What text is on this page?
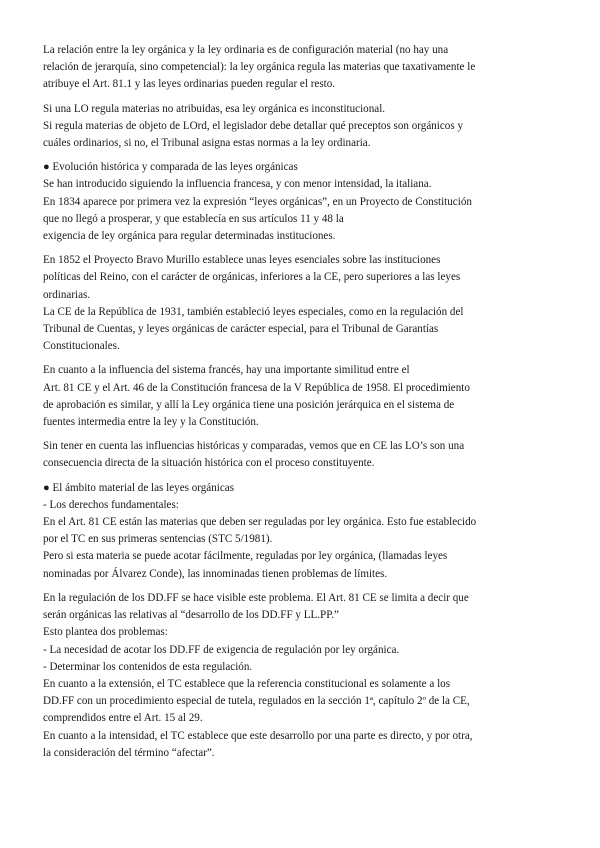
La relación entre la ley orgánica y la ley ordinaria es de configuración material (no hay una
relación de jerarquía, sino competencial): la ley orgánica regula las materias que taxativamente le
atribuye el Art. 81.1 y las leyes ordinarias pueden regular el resto.
Si una LO regula materias no atribuidas, esa ley orgánica es inconstitucional.
Si regula materias de objeto de LOrd, el legislador debe detallar qué preceptos son orgánicos y
cuáles ordinarios, si no, el Tribunal asigna estas normas a la ley ordinaria.
● Evolución histórica y comparada de las leyes orgánicas
Se han introducido siguiendo la influencia francesa, y con menor intensidad, la italiana.
En 1834 aparece por primera vez la expresión “leyes orgánicas”, en un Proyecto de Constitución
que no llegó a prosperar, y que establecía en sus artículos 11 y 48 la
exigencia de ley orgánica para regular determinadas instituciones.
En 1852 el Proyecto Bravo Murillo establece unas leyes esenciales sobre las instituciones
políticas del Reino, con el carácter de orgánicas, inferiores a la CE, pero superiores a las leyes
ordinarias.
La CE de la República de 1931, también estableció leyes especiales, como en la regulación del
Tribunal de Cuentas, y leyes orgánicas de carácter especial, para el Tribunal de Garantías
Constitucionales.
En cuanto a la influencia del sistema francés, hay una importante similitud entre el
Art. 81 CE y el Art. 46 de la Constitución francesa de la V República de 1958. El procedimiento
de aprobación es similar, y allí la Ley orgánica tiene una posición jerárquica en el sistema de
fuentes intermedia entre la ley y la Constitución.
Sin tener en cuenta las influencias históricas y comparadas, vemos que en CE las LO’s son una
consecuencia directa de la situación histórica con el proceso constituyente.
● El ámbito material de las leyes orgánicas
- Los derechos fundamentales:
En el Art. 81 CE están las materias que deben ser reguladas por ley orgánica. Esto fue establecido
por el TC en sus primeras sentencias (STC 5/1981).
Pero si esta materia se puede acotar fácilmente, reguladas por ley orgánica, (llamadas leyes
nominadas por Álvarez Conde), las innominadas tienen problemas de límites.
En la regulación de los DD.FF se hace visible este problema. El Art. 81 CE se limita a decir que
serán orgánicas las relativas al “desarrollo de los DD.FF y LL.PP.”
Esto plantea dos problemas:
- La necesidad de acotar los DD.FF de exigencia de regulación por ley orgánica.
- Determinar los contenidos de esta regulación.
En cuanto a la extensión, el TC establece que la referencia constitucional es solamente a los
DD.FF con un procedimiento especial de tutela, regulados en la sección 1ª, capítulo 2º de la CE,
comprendidos entre el Art. 15 al 29.
En cuanto a la intensidad, el TC establece que este desarrollo por una parte es directo, y por otra,
la consideración del término “afectar”.
